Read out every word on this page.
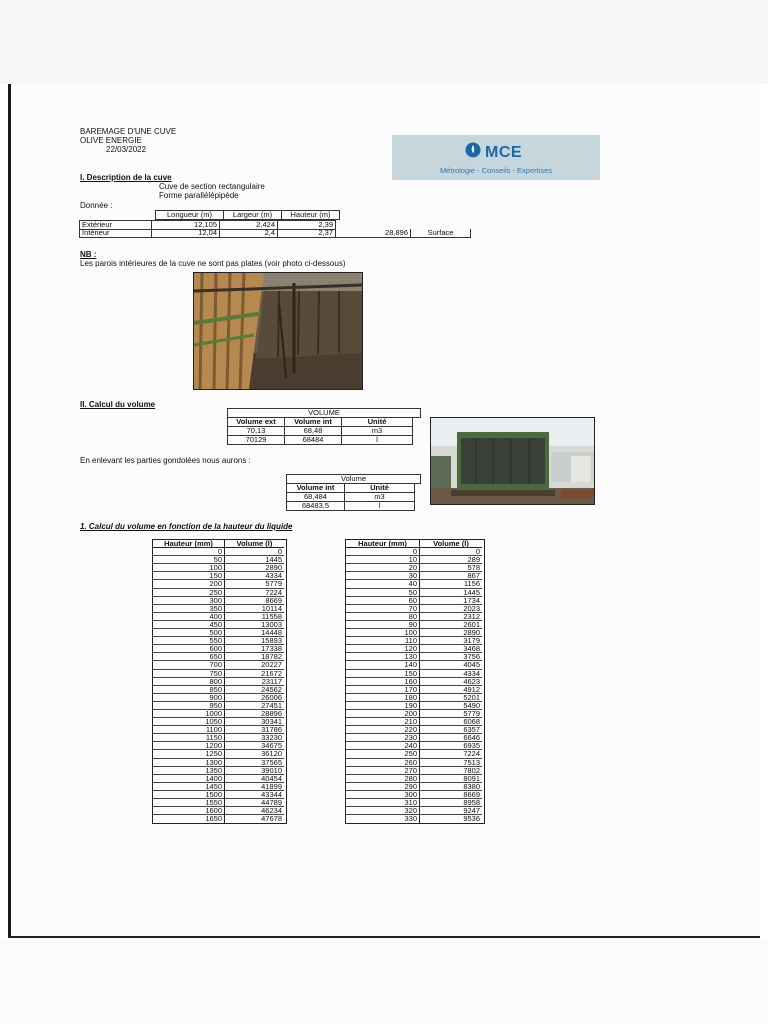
BAREMAGE D'UNE CUVE
OLIVE ENERGIE
22/03/2022	MCE
Métrologie - Conseils - Expertises
I. Description de la cuve
Cuve de section rectangulaire
Forme parallélépipède
Donnée :
Longueur (m)	Largeur (m)	Hauteur (m)
Extérieur	12,105	2,424	2,39
Intérieur	12,04	2,4	2,37	28,896	Surface
NB :
Les parois intérieures de la cuve ne sont pas plates (voir photo ci-dessous)
II. Calcul du volume
VOLUME
Volume ext	Volume int	Unité
70,13	68,48	m3
70129	68484	l
En enlevant les parties gondolées nous aurons :
Volume
Volume int	Unité
68,484	m3
68483,5	l
1. Calcul du volume en fonction de la hauteur du liquide
Hauteur (mm)	Volume (l)
0	0
50	1445
100	2890
150	4334
200	5779
250	7224
300	8669
350	10114
400	11558
450	13003
500	14448
550	15893
600	17338
650	18782
700	20227
750	21672
800	23117
850	24562
900	26006
950	27451
1000	28896
1050	30341
1100	31786
1150	33230
1200	34675
1250	36120
1300	37565
1350	39010
1400	40454
1450	41899
1500	43344
1550	44789
1600	46234
1650	47678
Hauteur (mm)	Volume (l)
0	0
10	289
20	578
30	867
40	1156
50	1445
60	1734
70	2023
80	2312
90	2601
100	2890
110	3179
120	3468
130	3756
140	4045
150	4334
160	4623
170	4912
180	5201
190	5490
200	5779
210	6068
220	6357
230	6646
240	6935
250	7224
260	7513
270	7802
280	8091
290	8380
300	8669
310	8958
320	9247
330	9536
